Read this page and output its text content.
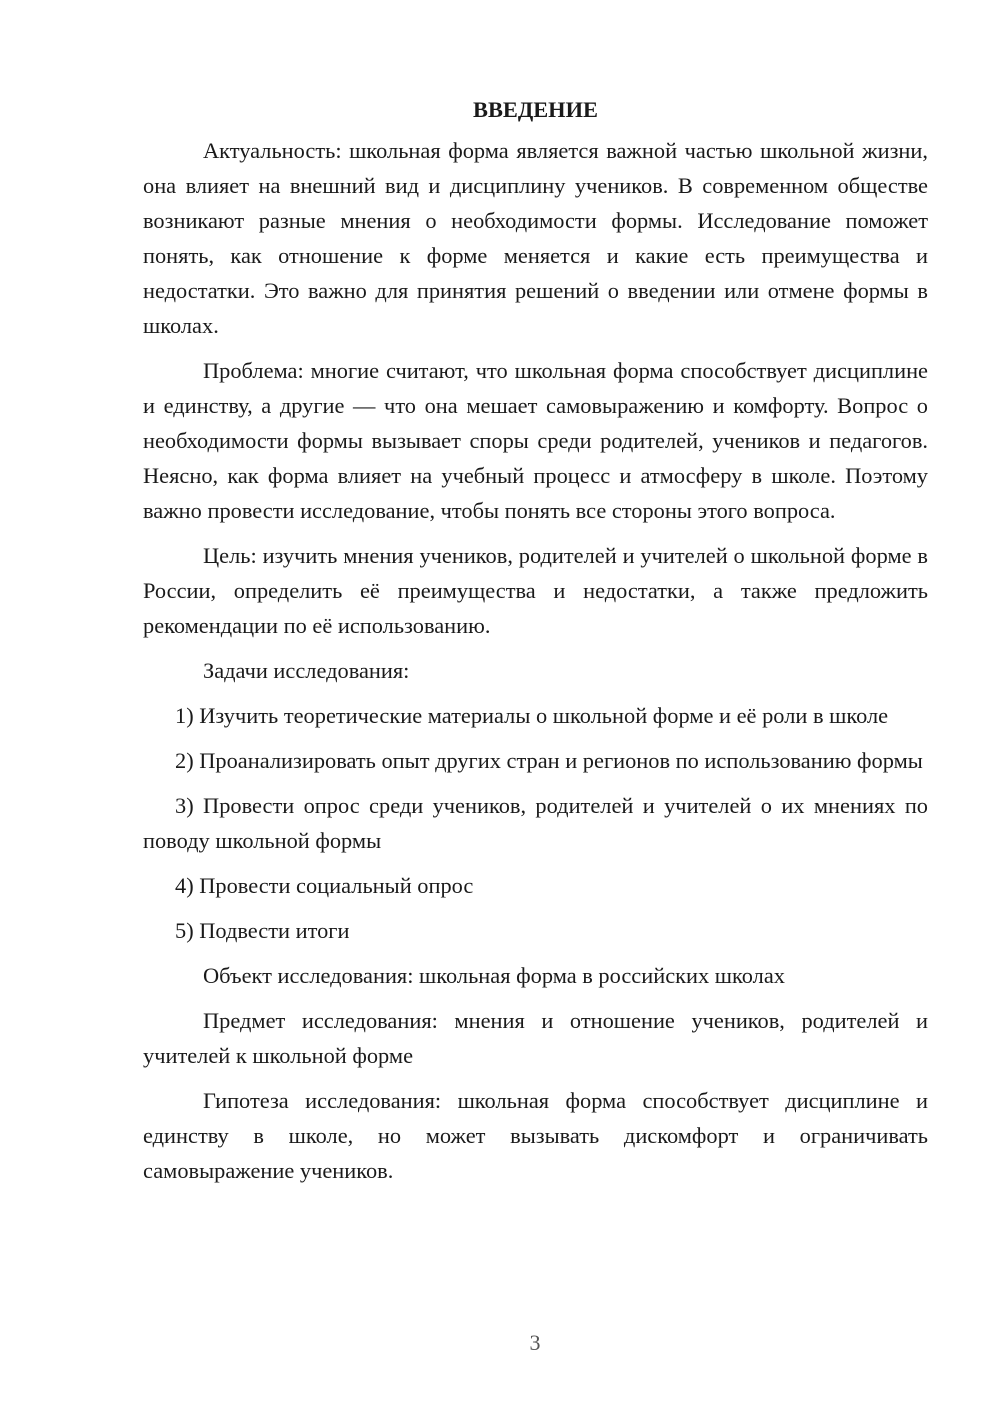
ВВЕДЕНИЕ

Актуальность: школьная форма является важной частью школьной жизни, она влияет на внешний вид и дисциплину учеников. В современном обществе возникают разные мнения о необходимости формы. Исследование поможет понять, как отношение к форме меняется и какие есть преимущества и недостатки. Это важно для принятия решений о введении или отмене формы в школах.

Проблема: многие считают, что школьная форма способствует дисциплине и единству, а другие — что она мешает самовыражению и комфорту. Вопрос о необходимости формы вызывает споры среди родителей, учеников и педагогов. Неясно, как форма влияет на учебный процесс и атмосферу в школе. Поэтому важно провести исследование, чтобы понять все стороны этого вопроса.

Цель: изучить мнения учеников, родителей и учителей о школьной форме в России, определить её преимущества и недостатки, а также предложить рекомендации по её использованию.

Задачи исследования:

1) Изучить теоретические материалы о школьной форме и её роли в школе

2) Проанализировать опыт других стран и регионов по использованию формы

3) Провести опрос среди учеников, родителей и учителей о их мнениях по поводу школьной формы

4) Провести социальный опрос

5) Подвести итоги

Объект исследования: школьная форма в российских школах

Предмет исследования: мнения и отношение учеников, родителей и учителей к школьной форме

Гипотеза исследования: школьная форма способствует дисциплине и единству в школе, но может вызывать дискомфорт и ограничивать самовыражение учеников.

3
